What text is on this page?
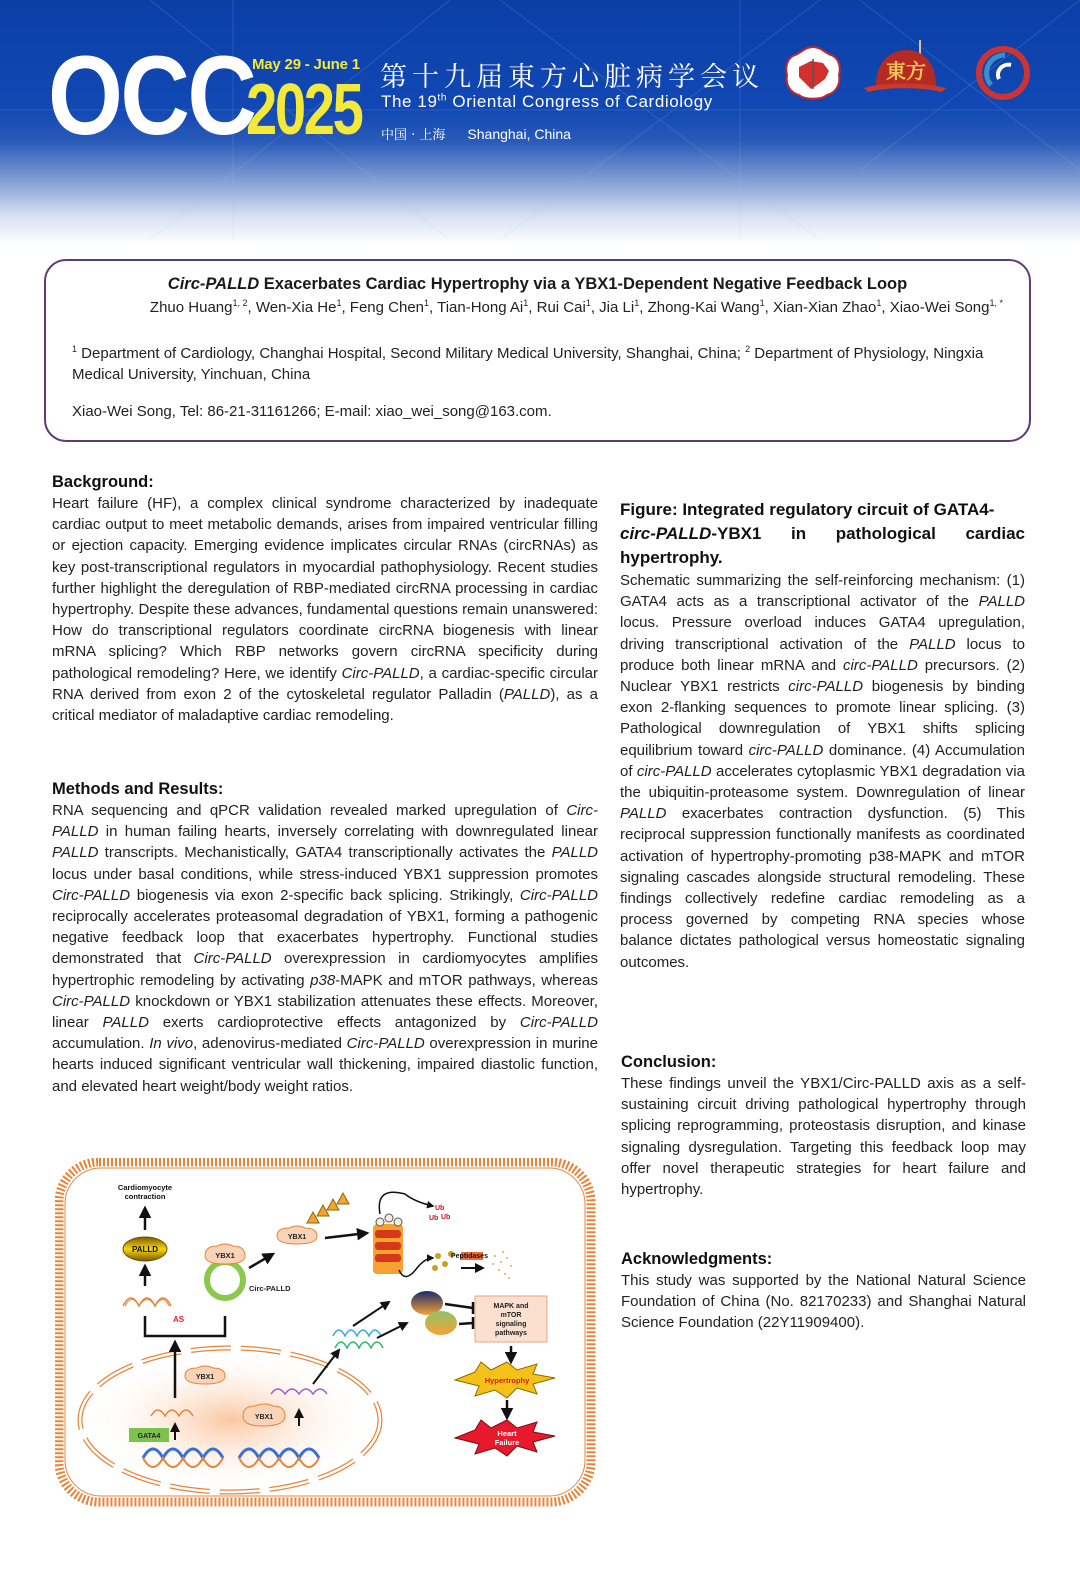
OCC
May 29 - June 1
2025 第十九届東方心脏病学会议
The 19th Oriental Congress of Cardiology
中国 · 上海 Shanghai, China
東方
Circ-PALLD Exacerbates Cardiac Hypertrophy via a YBX1-Dependent Negative Feedback Loop
Zhuo Huang$^{1, 2}$, Wen-Xia He$^1$, Feng Chen$^1$, Tian-Hong Ai$^1$, Rui Cai$^1$, Jia Li$^1$, Zhong-Kai Wang$^1$, Xian-Xian Zhao$^1$, Xiao-Wei Song$^{1, *}$
$^1$ Department of Cardiology, Changhai Hospital, Second Military Medical University, Shanghai, China; $^2$ Department of Physiology, Ningxia Medical University, Yinchuan, China
Xiao-Wei Song, Tel: 86-21-31161266; E-mail: xiao_wei_song@163.com.
Background:

Heart failure (HF), a complex clinical syndrome characterized by inadequate cardiac output to meet metabolic demands, arises from impaired ventricular filling or ejection capacity. Emerging evidence implicates circular RNAs (circRNAs) as key post-transcriptional regulators in myocardial pathophysiology. Recent studies further highlight the deregulation of RBP-mediated circRNA processing in cardiac hypertrophy. Despite these advances, fundamental questions remain unanswered: How do transcriptional regulators coordinate circRNA biogenesis with linear mRNA splicing? Which RBP networks govern circRNA specificity during pathological remodeling? Here, we identify Circ-PALLD, a cardiac-specific circular RNA derived from exon 2 of the cytoskeletal regulator Palladin (PALLD), as a critical mediator of maladaptive cardiac remodeling.

Methods and Results:

RNA sequencing and qPCR validation revealed marked upregulation of Circ-PALLD in human failing hearts, inversely correlating with downregulated linear PALLD transcripts. Mechanistically, GATA4 transcriptionally activates the PALLD locus under basal conditions, while stress-induced YBX1 suppression promotes Circ-PALLD biogenesis via exon 2-specific back splicing. Strikingly, Circ-PALLD reciprocally accelerates proteasomal degradation of YBX1, forming a pathogenic negative feedback loop that exacerbates hypertrophy. Functional studies demonstrated that Circ-PALLD overexpression in cardiomyocytes amplifies hypertrophic remodeling by activating p38-MAPK and mTOR pathways, whereas Circ-PALLD knockdown or YBX1 stabilization attenuates these effects. Moreover, linear PALLD exerts cardioprotective effects antagonized by Circ-PALLD accumulation. In vivo, adenovirus-mediated Circ-PALLD overexpression in murine hearts induced significant ventricular wall thickening, impaired diastolic function, and elevated heart weight/body weight ratios.

Figure: Integrated regulatory circuit of GATA4-
circ-PALLD-YBX1 in pathological cardiac hypertrophy.

Schematic summarizing the self-reinforcing mechanism: (1) GATA4 acts as a transcriptional activator of the PALLD locus. Pressure overload induces GATA4 upregulation, driving transcriptional activation of the PALLD locus to produce both linear mRNA and circ-PALLD precursors. (2) Nuclear YBX1 restricts circ-PALLD biogenesis by binding exon 2-flanking sequences to promote linear splicing. (3) Pathological downregulation of YBX1 shifts splicing equilibrium toward circ-PALLD dominance. (4) Accumulation of circ-PALLD accelerates cytoplasmic YBX1 degradation via the ubiquitin-proteasome system. Downregulation of linear PALLD exacerbates contraction dysfunction. (5) This reciprocal suppression functionally manifests as coordinated activation of hypertrophy-promoting p38-MAPK and mTOR signaling cascades alongside structural remodeling. These findings collectively redefine cardiac remodeling as a process governed by competing RNA species whose balance dictates pathological versus homeostatic signaling outcomes.

Conclusion:

These findings unveil the YBX1/Circ-PALLD axis as a self-sustaining circuit driving pathological hypertrophy through splicing reprogramming, proteostasis disruption, and kinase signaling dysregulation. Targeting this feedback loop may offer novel therapeutic strategies for heart failure and hypertrophy.

Acknowledgments:

This study was supported by the National Natural Science Foundation of China (No. 82170233) and Shanghai Natural Science Foundation (22Y11909400).

Cardiomyocyte
contraction
PALLD
AS
YBX1
Circ-PALLD
YBX1
Ub
Ub Ub
Peptidases
MAPK and
mTOR
signaling
pathways
Hypertrophy
Heart
Failure
YBX1
GATA4
YBX1
